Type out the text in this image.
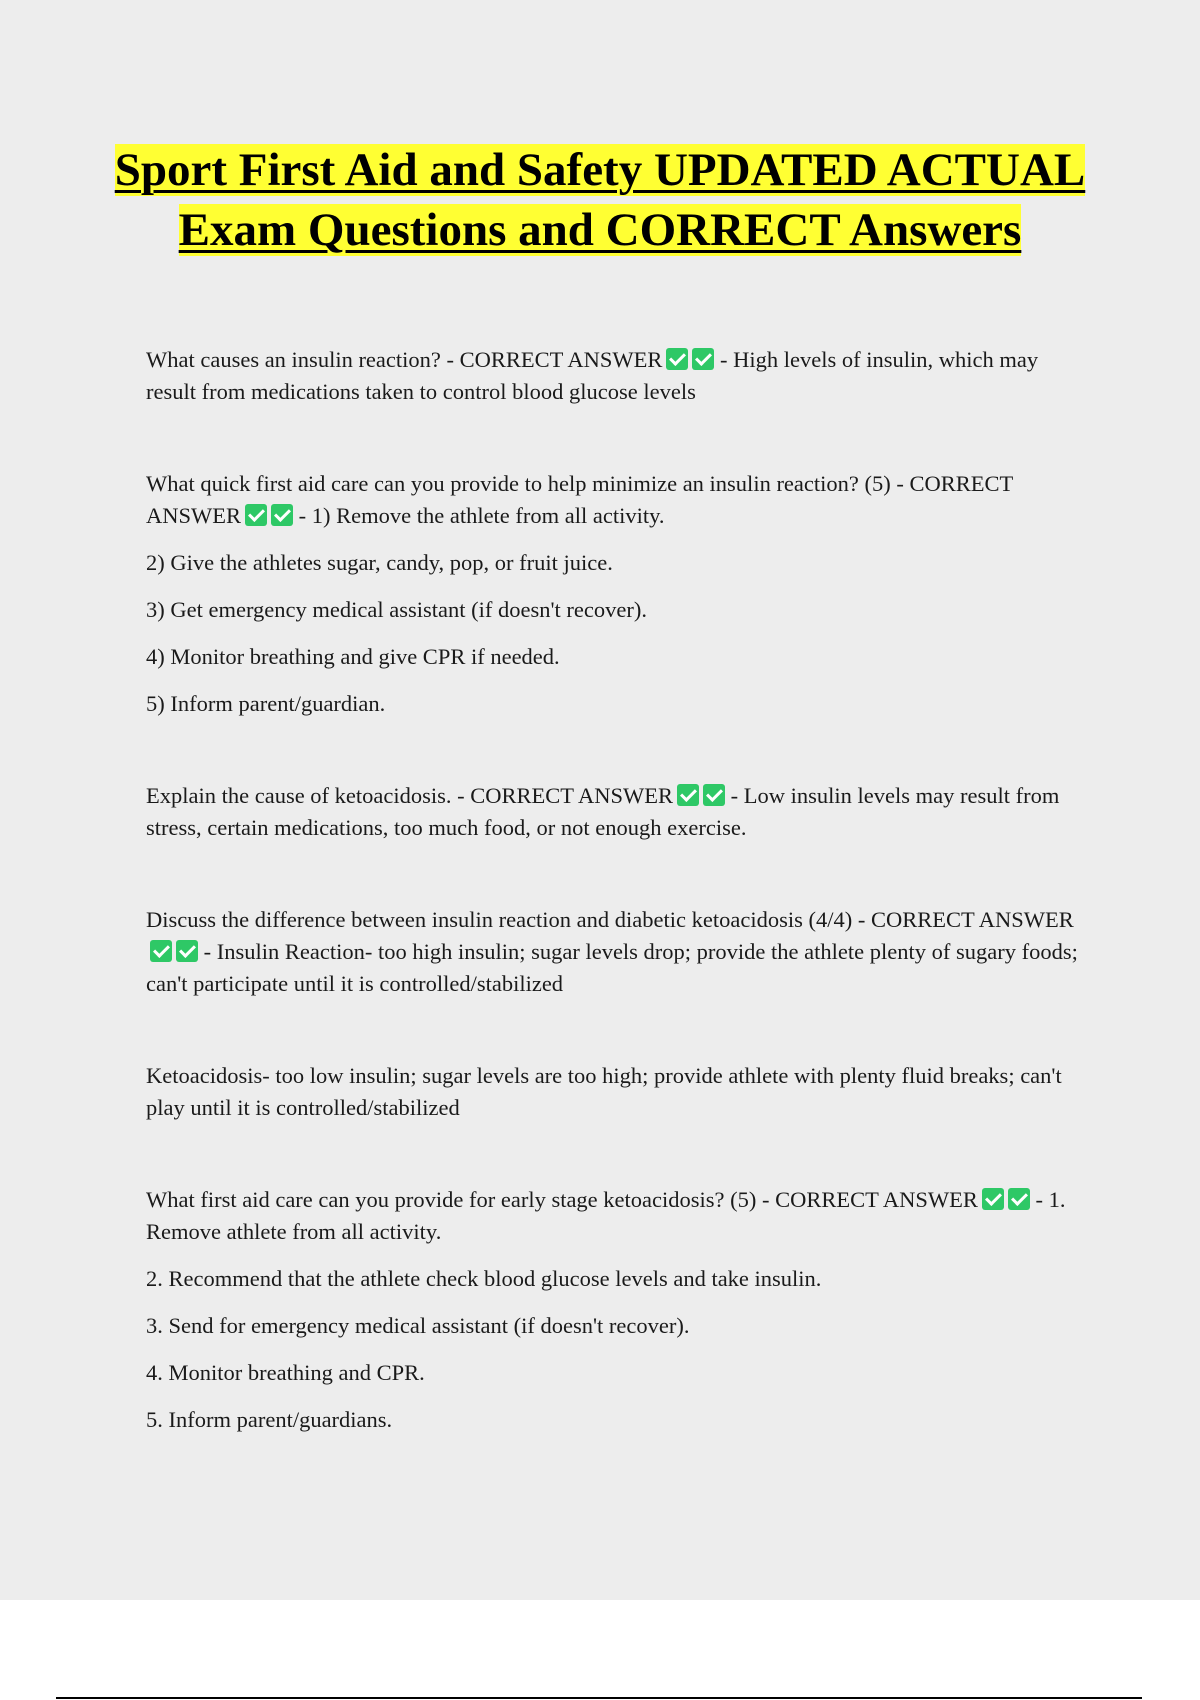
Sport First Aid and Safety UPDATED ACTUAL Exam Questions and CORRECT Answers

What causes an insulin reaction? - CORRECT ANSWER	- High levels of insulin, which may result from medications taken to control blood glucose levels

What quick first aid care can you provide to help minimize an insulin reaction? (5) - CORRECT ANSWER	- 1) Remove the athlete from all activity.

2) Give the athletes sugar, candy, pop, or fruit juice.

3) Get emergency medical assistant (if doesn't recover).

4) Monitor breathing and give CPR if needed.

5) Inform parent/guardian.

Explain the cause of ketoacidosis. - CORRECT ANSWER	- Low insulin levels may result from stress, certain medications, too much food, or not enough exercise.

Discuss the difference between insulin reaction and diabetic ketoacidosis (4/4) - CORRECT ANSWER - Insulin Reaction- too high insulin; sugar levels drop; provide the athlete plenty of sugary foods; can't participate until it is controlled/stabilized

Ketoacidosis- too low insulin; sugar levels are too high; provide athlete with plenty fluid breaks; can't play until it is controlled/stabilized

What first aid care can you provide for early stage ketoacidosis? (5) - CORRECT ANSWER	- 1. Remove athlete from all activity.

2. Recommend that the athlete check blood glucose levels and take insulin.

3. Send for emergency medical assistant (if doesn't recover).

4. Monitor breathing and CPR.

5. Inform parent/guardians.
